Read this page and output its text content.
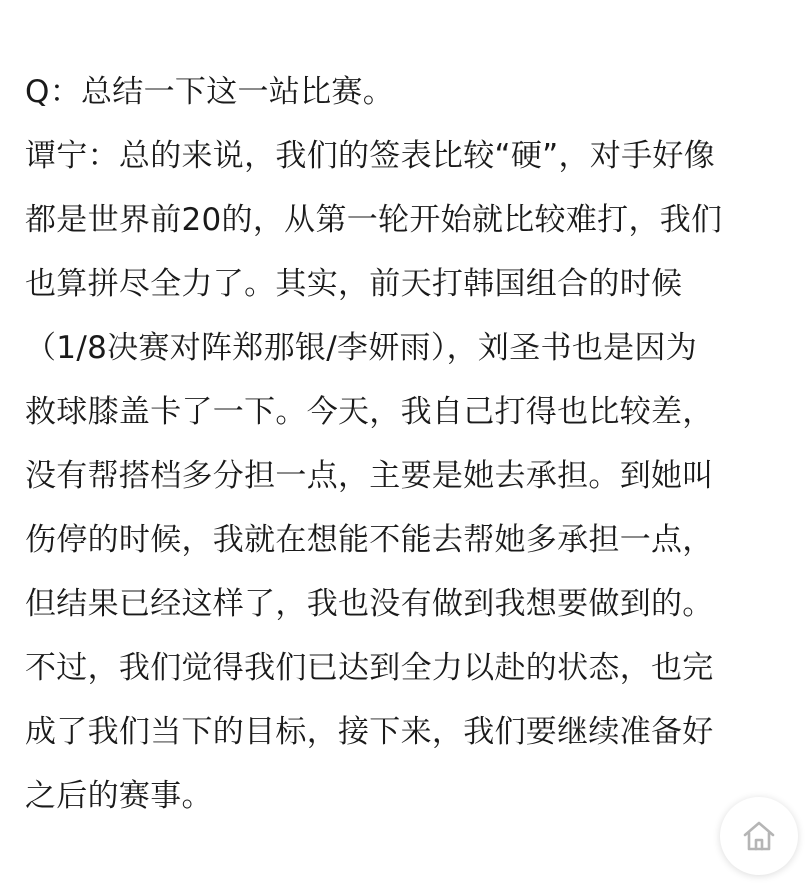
Q：总结一下这一站比赛。
谭宁：总的来说，我们的签表比较“硬”，对手好像
都是世界前20的，从第一轮开始就比较难打，我们
也算拼尽全力了。其实，前天打韩国组合的时候
（1/8决赛对阵郑那银/李妍雨），刘圣书也是因为
救球膝盖卡了一下。今天，我自己打得也比较差，
没有帮搭档多分担一点，主要是她去承担。到她叫
伤停的时候，我就在想能不能去帮她多承担一点，
但结果已经这样了，我也没有做到我想要做到的。
不过，我们觉得我们已达到全力以赴的状态，也完
成了我们当下的目标，接下来，我们要继续准备好
之后的赛事。
